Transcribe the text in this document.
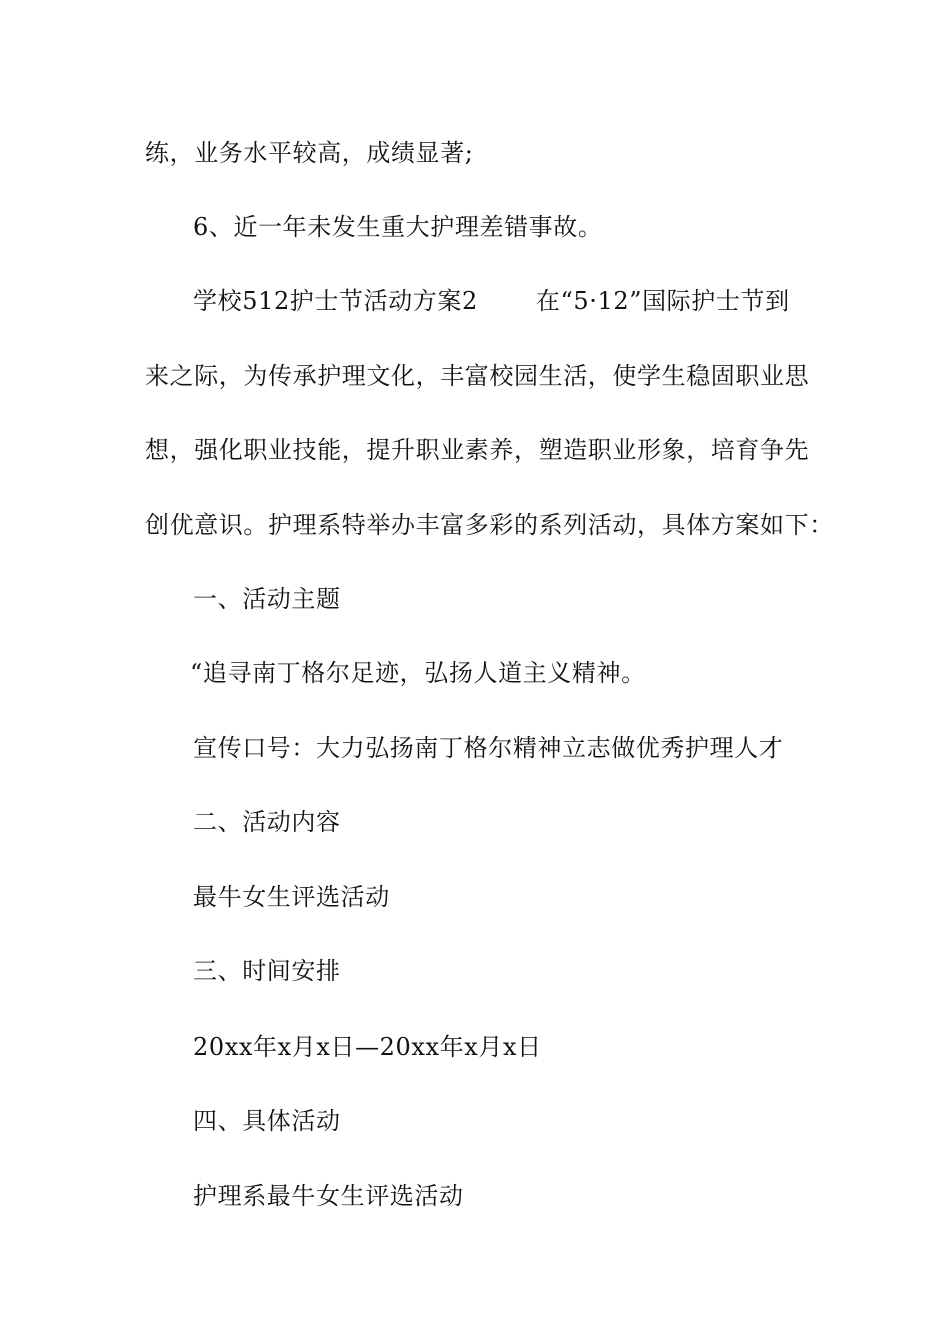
练，业务水平较高，成绩显著;
6、近一年未发生重大护理差错事故。
学校512护士节活动方案2 在“5·12”国际护士节到
来之际，为传承护理文化，丰富校园生活，使学生稳固职业思
想，强化职业技能，提升职业素养，塑造职业形象，培育争先
创优意识。护理系特举办丰富多彩的系列活动，具体方案如下：
一、活动主题
“追寻南丁格尔足迹，弘扬人道主义精神。
宣传口号：大力弘扬南丁格尔精神立志做优秀护理人才
二、活动内容
最牛女生评选活动
三、时间安排
20xx年x月x日—20xx年x月x日
四、具体活动
护理系最牛女生评选活动
